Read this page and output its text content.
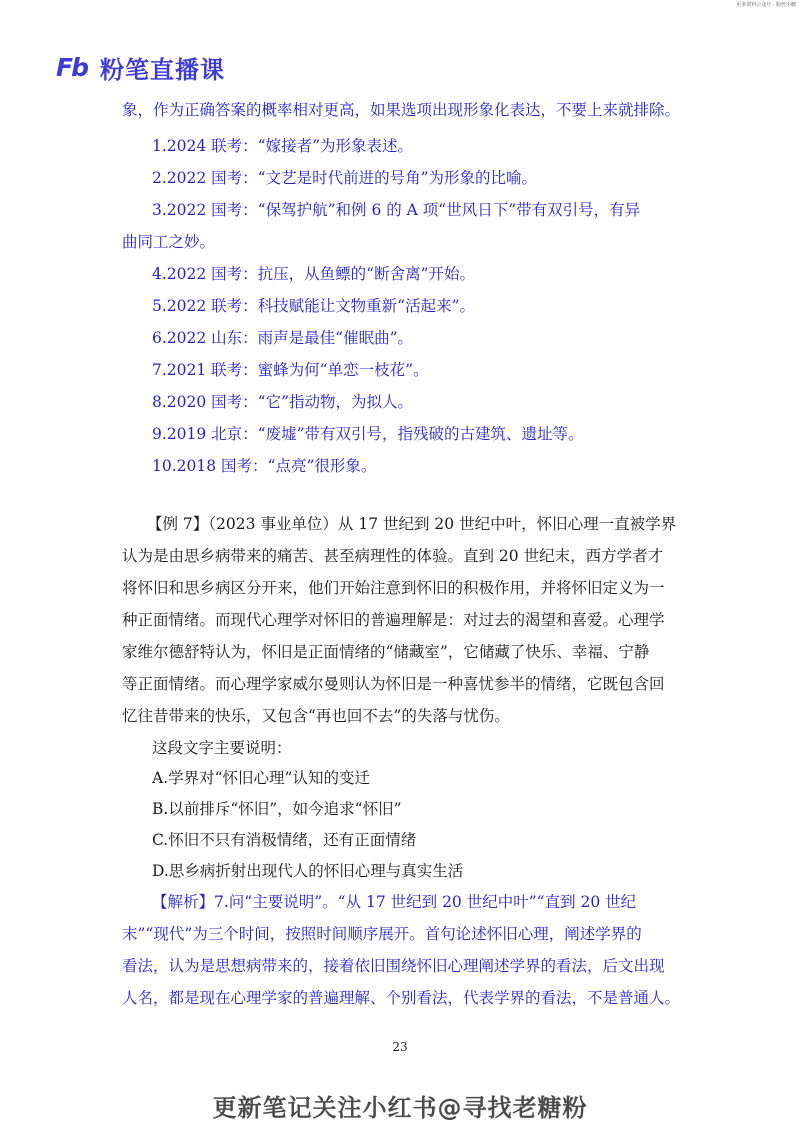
更多资料公众号 · 粉丝小糖
Fb 粉笔直播课
象，作为正确答案的概率相对更高，如果选项出现形象化表达，不要上来就排除。
1.2024 联考：“嫁接者”为形象表述。
2.2022 国考：“文艺是时代前进的号角”为形象的比喻。
3.2022 国考：“保驾护航”和例 6 的 A 项“世风日下”带有双引号，有异
曲同工之妙。
4.2022 国考：抗压，从鱼鳔的“断舍离”开始。
5.2022 联考：科技赋能让文物重新“活起来”。
6.2022 山东：雨声是最佳“催眠曲”。
7.2021 联考：蜜蜂为何“单恋一枝花”。
8.2020 国考：“它”指动物，为拟人。
9.2019 北京：“废墟”带有双引号，指残破的古建筑、遗址等。
10.2018 国考：“点亮”很形象。
【例 7】（2023 事业单位）从 17 世纪到 20 世纪中叶，怀旧心理一直被学界
认为是由思乡病带来的痛苦、甚至病理性的体验。直到 20 世纪末，西方学者才
将怀旧和思乡病区分开来，他们开始注意到怀旧的积极作用，并将怀旧定义为一
种正面情绪。而现代心理学对怀旧的普遍理解是：对过去的渴望和喜爱。心理学
家维尔德舒特认为，怀旧是正面情绪的“储藏室”，它储藏了快乐、幸福、宁静
等正面情绪。而心理学家威尔曼则认为怀旧是一种喜忧参半的情绪，它既包含回
忆往昔带来的快乐，又包含“再也回不去”的失落与忧伤。
这段文字主要说明：
A.学界对“怀旧心理”认知的变迁
B.以前排斥“怀旧”，如今追求“怀旧”
C.怀旧不只有消极情绪，还有正面情绪
D.思乡病折射出现代人的怀旧心理与真实生活
【解析】7.问“主要说明”。“从 17 世纪到 20 世纪中叶”“直到 20 世纪
末”“现代”为三个时间，按照时间顺序展开。首句论述怀旧心理，阐述学界的
看法，认为是思想病带来的，接着依旧围绕怀旧心理阐述学界的看法，后文出现
人名，都是现在心理学家的普遍理解、个别看法，代表学界的看法，不是普通人。
23
更新笔记关注小红书@寻找老糖粉
